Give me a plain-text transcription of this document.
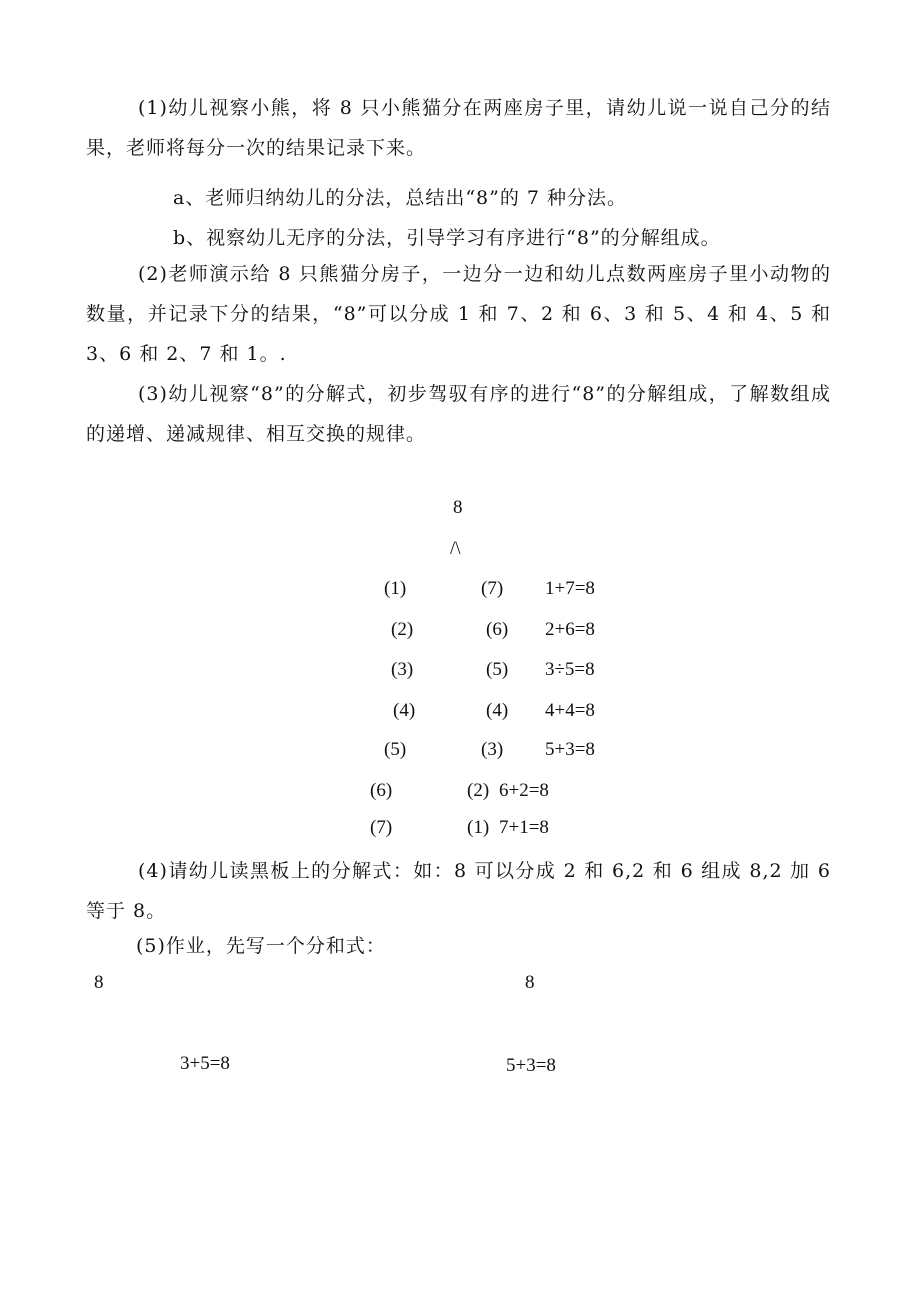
(1)幼儿视察小熊，将 8 只小熊猫分在两座房子里，请幼儿说一说自己分的结果，老师将每分一次的结果记录下来。
a、老师归纳幼儿的分法，总结出“8”的 7 种分法。
b、视察幼儿无序的分法，引导学习有序进行“8”的分解组成。
(2)老师演示给 8 只熊猫分房子，一边分一边和幼儿点数两座房子里小动物的数量，并记录下分的结果，“8”可以分成 1 和 7、2 和 6、3 和 5、4 和 4、5 和 3、6 和 2、7 和 1。.
(3)幼儿视察“8”的分解式，初步驾驭有序的进行“8”的分解组成，了解数组成的递增、递减规律、相互交换的规律。
8
/\
(1)	(7) 1+7=8
(2)	(6) 2+6=8
(3)	(5) 3÷5=8
(4)	(4) 4+4=8
(5)	(3) 5+3=8
(6)	(2) 6+2=8
(7)	(1) 7+1=8
(4)请幼儿读黑板上的分解式：如：8 可以分成 2 和 6,2 和 6 组成 8,2 加 6 等于 8。
(5)作业，先写一个分和式：
8	8
3+5=8	5+3=8
